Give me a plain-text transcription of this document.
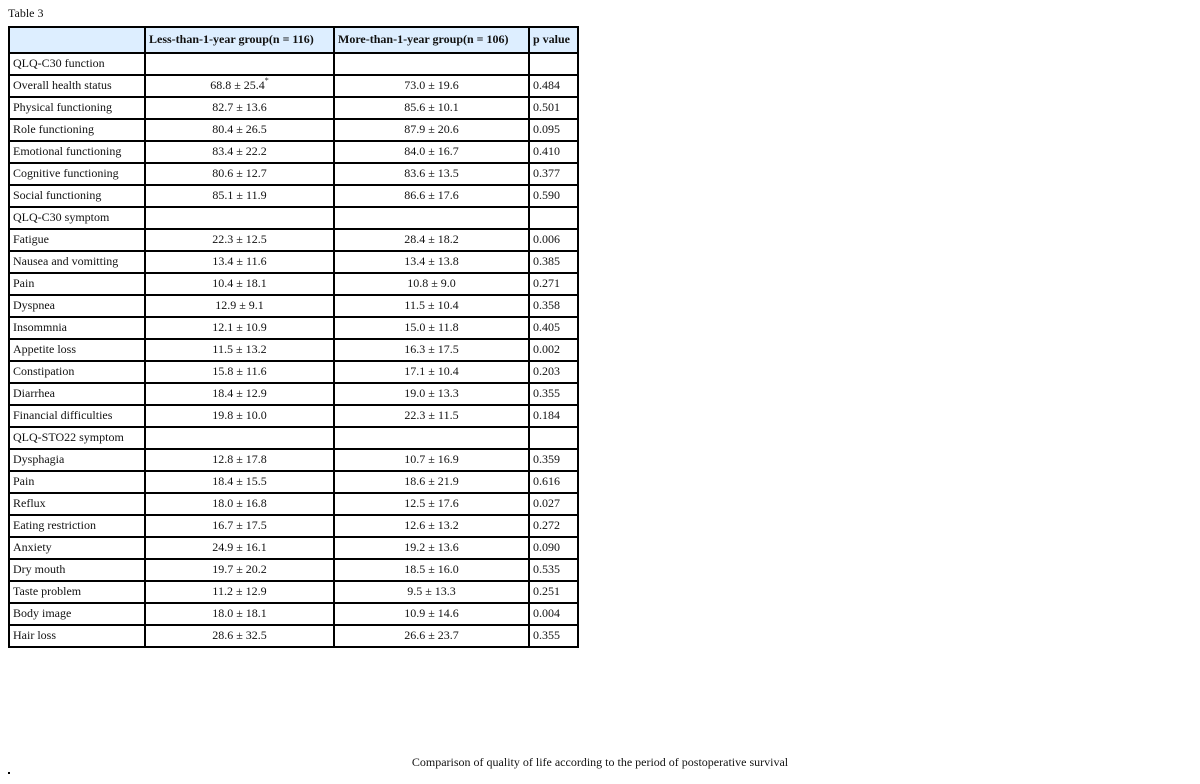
Table 3
	Less-than-1-year group(n = 116)	More-than-1-year group(n = 106)	p value
QLQ-C30 function			
Overall health status	68.8 ± 25.4*	73.0 ± 19.6	0.484
Physical functioning	82.7 ± 13.6	85.6 ± 10.1	0.501
Role functioning	80.4 ± 26.5	87.9 ± 20.6	0.095
Emotional functioning	83.4 ± 22.2	84.0 ± 16.7	0.410
Cognitive functioning	80.6 ± 12.7	83.6 ± 13.5	0.377
Social functioning	85.1 ± 11.9	86.6 ± 17.6	0.590
QLQ-C30 symptom			
Fatigue	22.3 ± 12.5	28.4 ± 18.2	0.006
Nausea and vomitting	13.4 ± 11.6	13.4 ± 13.8	0.385
Pain	10.4 ± 18.1	10.8 ± 9.0	0.271
Dyspnea	12.9 ± 9.1	11.5 ± 10.4	0.358
Insommnia	12.1 ± 10.9	15.0 ± 11.8	0.405
Appetite loss	11.5 ± 13.2	16.3 ± 17.5	0.002
Constipation	15.8 ± 11.6	17.1 ± 10.4	0.203
Diarrhea	18.4 ± 12.9	19.0 ± 13.3	0.355
Financial difficulties	19.8 ± 10.0	22.3 ± 11.5	0.184
QLQ-STO22 symptom			
Dysphagia	12.8 ± 17.8	10.7 ± 16.9	0.359
Pain	18.4 ± 15.5	18.6 ± 21.9	0.616
Reflux	18.0 ± 16.8	12.5 ± 17.6	0.027
Eating restriction	16.7 ± 17.5	12.6 ± 13.2	0.272
Anxiety	24.9 ± 16.1	19.2 ± 13.6	0.090
Dry mouth	19.7 ± 20.2	18.5 ± 16.0	0.535
Taste problem	11.2 ± 12.9	9.5 ± 13.3	0.251
Body image	18.0 ± 18.1	10.9 ± 14.6	0.004
Hair loss	28.6 ± 32.5	26.6 ± 23.7	0.355
Comparison of quality of life according to the period of postoperative survival
